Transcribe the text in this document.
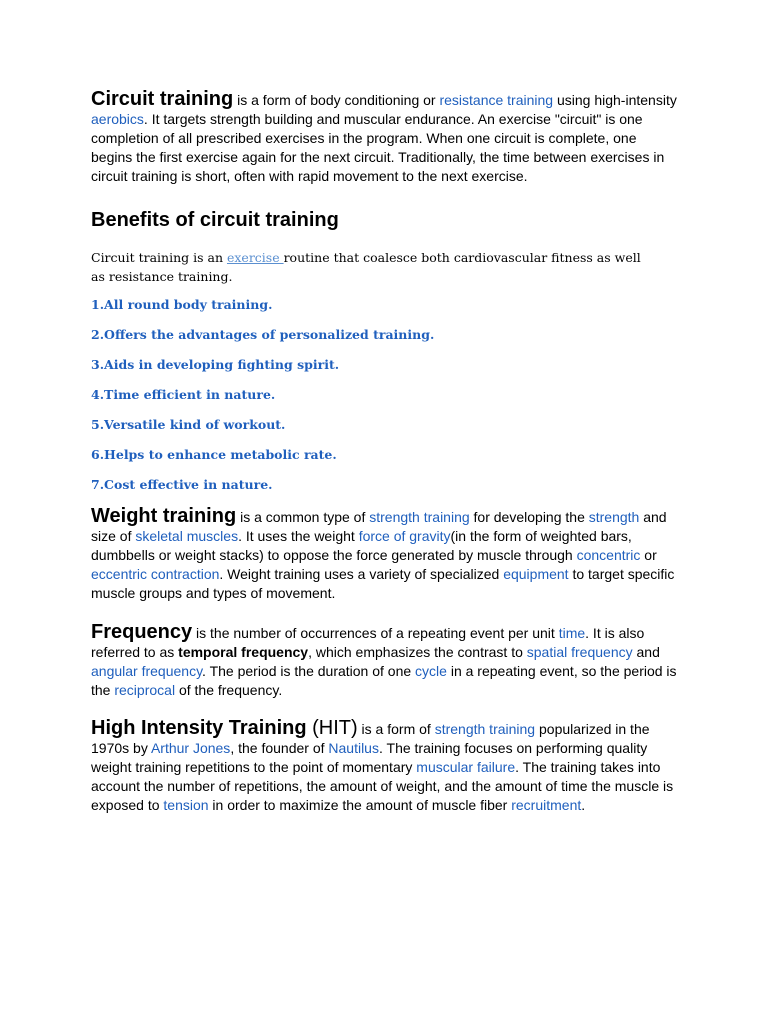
Circuit training is a form of body conditioning or resistance training using high-intensity aerobics. It targets strength building and muscular endurance. An exercise "circuit" is one completion of all prescribed exercises in the program. When one circuit is complete, one begins the first exercise again for the next circuit. Traditionally, the time between exercises in circuit training is short, often with rapid movement to the next exercise.

Benefits of circuit training

Circuit training is an exercise routine that coalesce both cardiovascular fitness as well as resistance training.

1.All round body training.
2.Offers the advantages of personalized training.
3.Aids in developing fighting spirit.
4.Time efficient in nature.
5.Versatile kind of workout.
6.Helps to enhance metabolic rate.
7.Cost effective in nature.

Weight training is a common type of strength training for developing the strength and size of skeletal muscles. It uses the weight force of gravity(in the form of weighted bars, dumbbells or weight stacks) to oppose the force generated by muscle through concentric or eccentric contraction. Weight training uses a variety of specialized equipment to target specific muscle groups and types of movement.

Frequency is the number of occurrences of a repeating event per unit time. It is also referred to as temporal frequency, which emphasizes the contrast to spatial frequency and angular frequency. The period is the duration of one cycle in a repeating event, so the period is the reciprocal of the frequency.

High Intensity Training (HIT) is a form of strength training popularized in the 1970s by Arthur Jones, the founder of Nautilus. The training focuses on performing quality weight training repetitions to the point of momentary muscular failure. The training takes into account the number of repetitions, the amount of weight, and the amount of time the muscle is exposed to tension in order to maximize the amount of muscle fiber recruitment.
